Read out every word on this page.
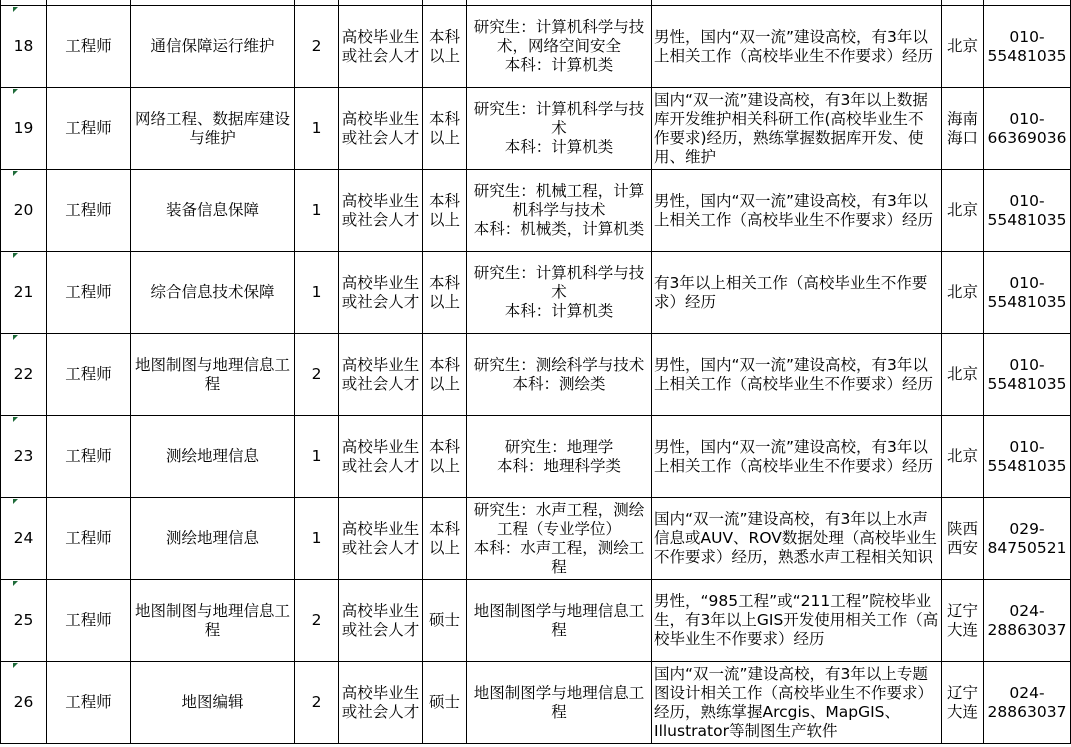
18	工程师	通信保障运行维护	2	高校毕业生或社会人才	本科以上	研究生：计算机科学与技术，网络空间安全
本科：计算机类	男性，国内“双一流”建设高校，有3年以上相关工作（高校毕业生不作要求）经历	北京	010-55481035

19	工程师	网络工程、数据库建设与维护	1	高校毕业生或社会人才	本科以上	研究生：计算机科学与技术
本科：计算机类	国内“双一流”建设高校，有3年以上数据库开发维护相关科研工作(高校毕业生不作要求)经历，熟练掌握数据库开发、使用、维护	海南海口	010-66369036

20	工程师	装备信息保障	1	高校毕业生或社会人才	本科以上	研究生：机械工程，计算机科学与技术
本科：机械类，计算机类	男性，国内“双一流”建设高校，有3年以上相关工作（高校毕业生不作要求）经历	北京	010-55481035

21	工程师	综合信息技术保障	1	高校毕业生或社会人才	本科以上	研究生：计算机科学与技术
本科：计算机类	有3年以上相关工作（高校毕业生不作要求）经历	北京	010-55481035

22	工程师	地图制图与地理信息工程	2	高校毕业生或社会人才	本科以上	研究生：测绘科学与技术
本科：测绘类	男性，国内“双一流”建设高校，有3年以上相关工作（高校毕业生不作要求）经历	北京	010-55481035

23	工程师	测绘地理信息	1	高校毕业生或社会人才	本科以上	研究生：地理学
本科：地理科学类	男性，国内“双一流”建设高校，有3年以上相关工作（高校毕业生不作要求）经历	北京	010-55481035

24	工程师	测绘地理信息	1	高校毕业生或社会人才	本科以上	研究生：水声工程，测绘工程（专业学位）
本科：水声工程，测绘工程	国内“双一流”建设高校，有3年以上水声信息或AUV、ROV数据处理（高校毕业生不作要求）经历，熟悉水声工程相关知识	陕西西安	029-84750521

25	工程师	地图制图与地理信息工程	2	高校毕业生或社会人才	硕士	地图制图学与地理信息工程	男性，“985工程”或“211工程”院校毕业生，有3年以上GIS开发使用相关工作（高校毕业生不作要求）经历	辽宁大连	024-28863037

26	工程师	地图编辑	2	高校毕业生或社会人才	硕士	地图制图学与地理信息工程	国内“双一流”建设高校，有3年以上专题图设计相关工作（高校毕业生不作要求）经历，熟练掌握Arcgis、MapGIS、Illustrator等制图生产软件	辽宁大连	024-28863037
